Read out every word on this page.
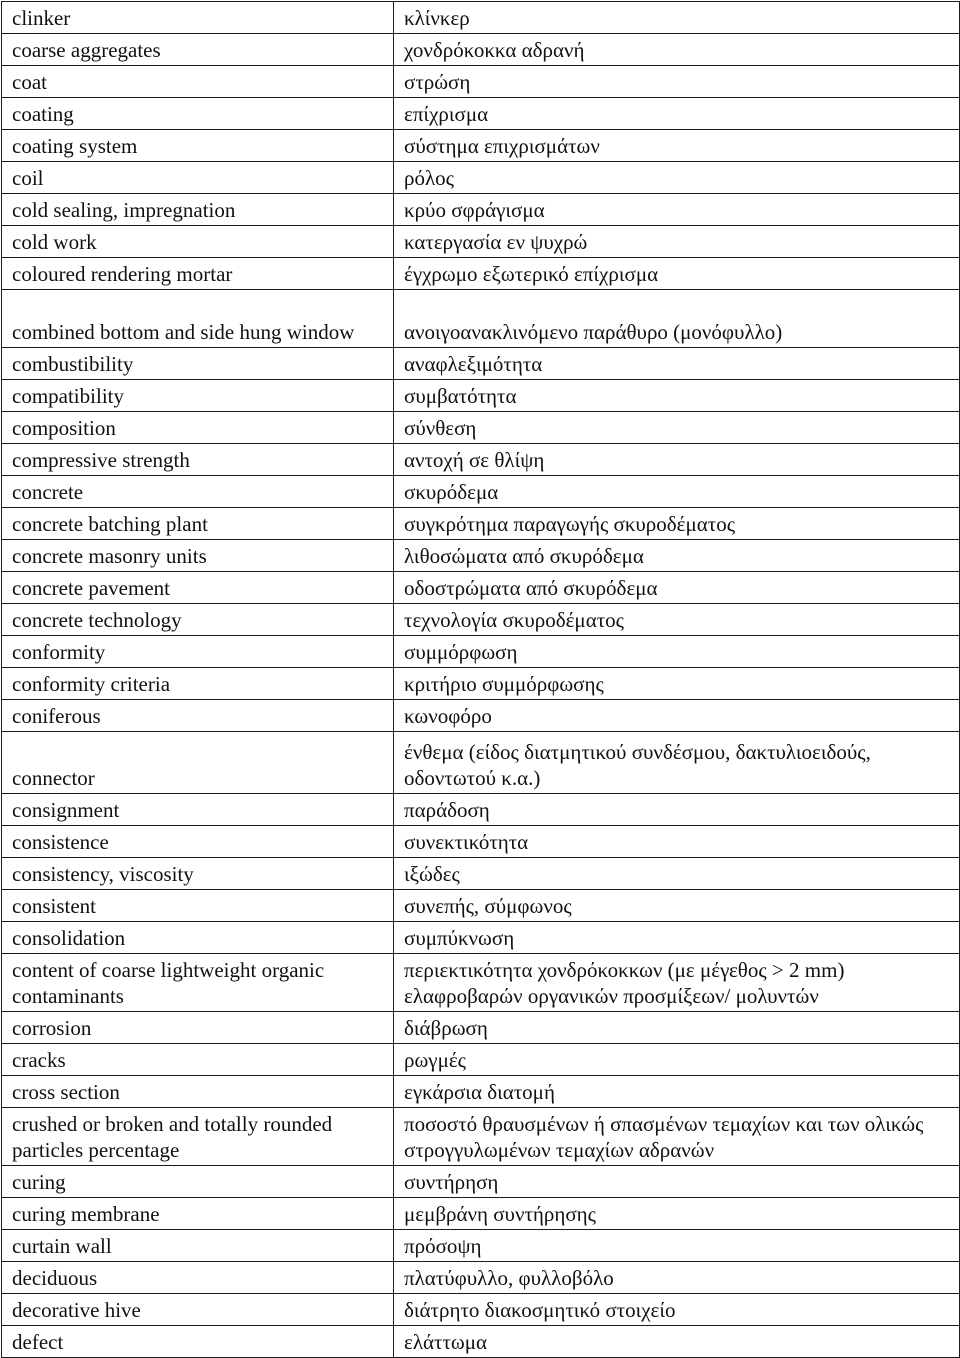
clinker	κλίνκερ
coarse aggregates	χονδρόκοκκα αδρανή
coat	στρώση
coating	επίχρισμα
coating system	σύστημα επιχρισμάτων
coil	ρόλος
cold sealing, impregnation	κρύο σφράγισμα
cold work	κατεργασία εν ψυχρώ
coloured rendering mortar	έγχρωμο εξωτερικό επίχρισμα
combined bottom and side hung window	ανοιγοανακλινόμενο παράθυρο (μονόφυλλο)
combustibility	αναφλεξιμότητα
compatibility	συμβατότητα
composition	σύνθεση
compressive strength	αντοχή σε θλίψη
concrete	σκυρόδεμα
concrete batching plant	συγκρότημα παραγωγής σκυροδέματος
concrete masonry units	λιθοσώματα από σκυρόδεμα
concrete pavement	οδοστρώματα από σκυρόδεμα
concrete technology	τεχνολογία σκυροδέματος
conformity	συμμόρφωση
conformity criteria	κριτήριο συμμόρφωσης
coniferous	κωνοφόρο
connector	ένθεμα (είδος διατμητικού συνδέσμου, δακτυλιοειδούς, οδοντωτού κ.α.)
consignment	παράδοση
consistence	συνεκτικότητα
consistency, viscosity	ιξώδες
consistent	συνεπής, σύμφωνος
consolidation	συμπύκνωση
content of coarse lightweight organic contaminants	περιεκτικότητα χονδρόκοκκων (με μέγεθος > 2 mm) ελαφροβαρών οργανικών προσμίξεων/ μολυντών
corrosion	διάβρωση
cracks	ρωγμές
cross section	εγκάρσια διατομή
crushed or broken and totally rounded particles percentage	ποσοστό θραυσμένων ή σπασμένων τεμαχίων και των ολικώς στρογγυλωμένων τεμαχίων αδρανών
curing	συντήρηση
curing membrane	μεμβράνη συντήρησης
curtain wall	πρόσοψη
deciduous	πλατύφυλλο, φυλλοβόλο
decorative hive	διάτρητο διακοσμητικό στοιχείο
defect	ελάττωμα
